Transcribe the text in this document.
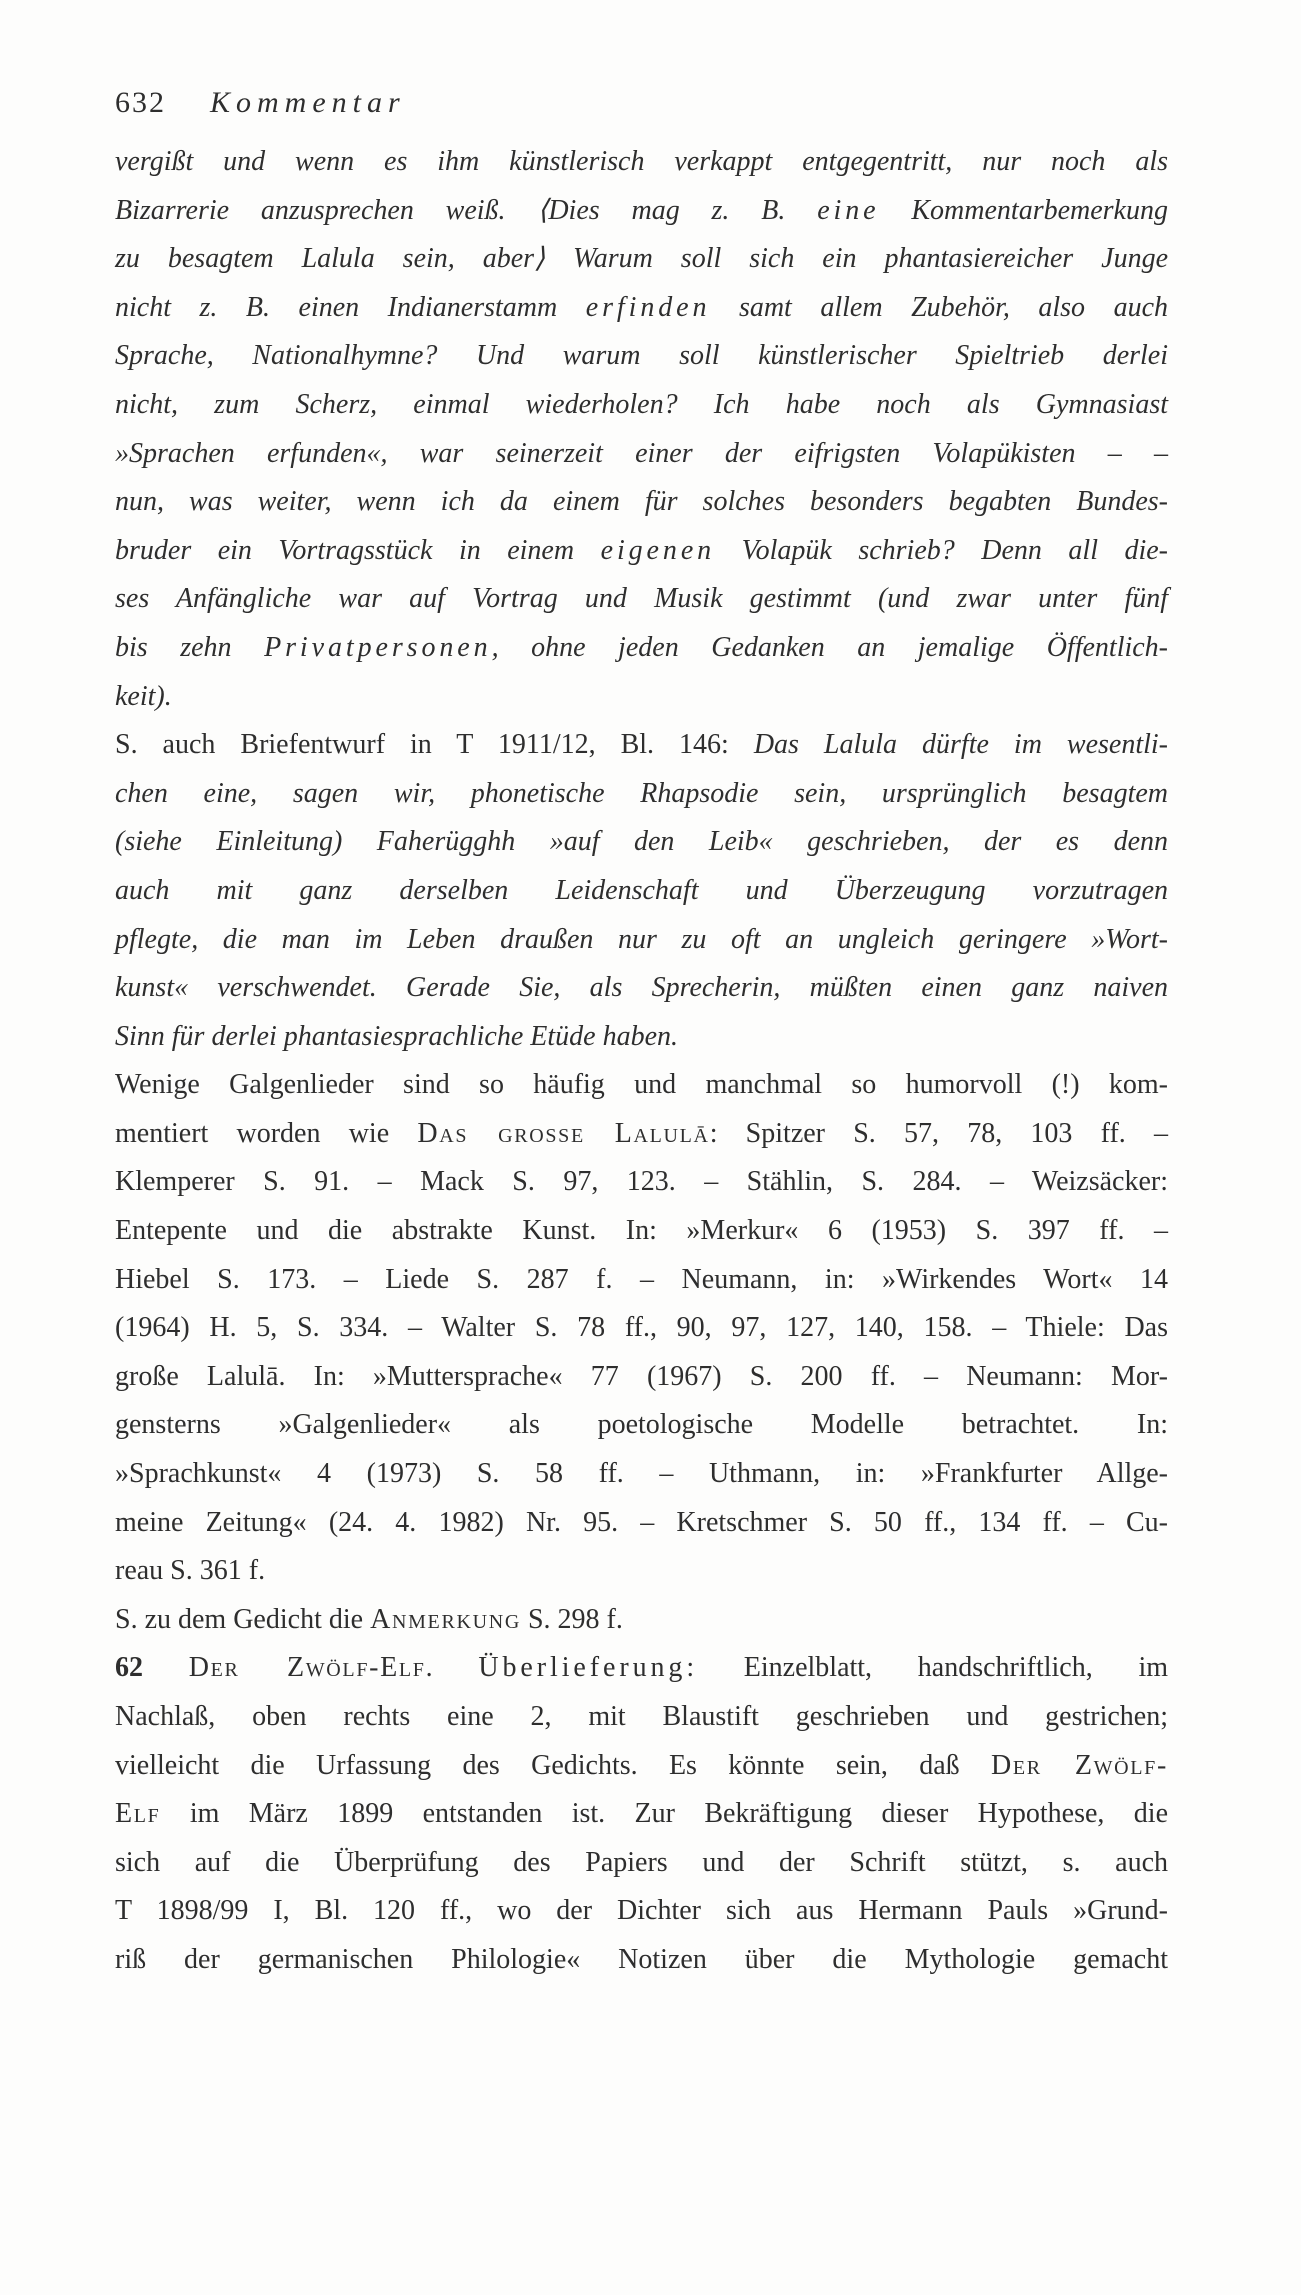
632 Kommentar
vergißt und wenn es ihm künstlerisch verkappt entgegentritt, nur noch als
Bizarrerie anzusprechen weiß. ⟨Dies mag z. B. eine Kommentarbemerkung
zu besagtem Lalula sein, aber⟩ Warum soll sich ein phantasiereicher Junge
nicht z. B. einen Indianerstamm erfinden samt allem Zubehör, also auch
Sprache, Nationalhymne? Und warum soll künstlerischer Spieltrieb derlei
nicht, zum Scherz, einmal wiederholen? Ich habe noch als Gymnasiast
»Sprachen erfunden«, war seinerzeit einer der eifrigsten Volapükisten – –
nun, was weiter, wenn ich da einem für solches besonders begabten Bundes-
bruder ein Vortragsstück in einem eigenen Volapük schrieb? Denn all die-
ses Anfängliche war auf Vortrag und Musik gestimmt (und zwar unter fünf
bis zehn Privatpersonen, ohne jeden Gedanken an jemalige Öffentlich-
keit).
S. auch Briefentwurf in T 1911/12, Bl. 146: Das Lalula dürfte im wesentli-
chen eine, sagen wir, phonetische Rhapsodie sein, ursprünglich besagtem
(siehe Einleitung) Faherügghh »auf den Leib« geschrieben, der es denn
auch mit ganz derselben Leidenschaft und Überzeugung vorzutragen
pflegte, die man im Leben draußen nur zu oft an ungleich geringere »Wort-
kunst« verschwendet. Gerade Sie, als Sprecherin, müßten einen ganz naiven
Sinn für derlei phantasiesprachliche Etüde haben.
Wenige Galgenlieder sind so häufig und manchmal so humorvoll (!) kom-
mentiert worden wie Das grosse Lalulā: Spitzer S. 57, 78, 103 ff. –
Klemperer S. 91. – Mack S. 97, 123. – Stählin, S. 284. – Weizsäcker:
Entepente und die abstrakte Kunst. In: »Merkur« 6 (1953) S. 397 ff. –
Hiebel S. 173. – Liede S. 287 f. – Neumann, in: »Wirkendes Wort« 14
(1964) H. 5, S. 334. – Walter S. 78 ff., 90, 97, 127, 140, 158. – Thiele: Das
große Lalulā. In: »Muttersprache« 77 (1967) S. 200 ff. – Neumann: Mor-
gensterns »Galgenlieder« als poetologische Modelle betrachtet. In:
»Sprachkunst« 4 (1973) S. 58 ff. – Uthmann, in: »Frankfurter Allge-
meine Zeitung« (24. 4. 1982) Nr. 95. – Kretschmer S. 50 ff., 134 ff. – Cu-
reau S. 361 f.
S. zu dem Gedicht die Anmerkung S. 298 f.
62 Der Zwölf-Elf. Überlieferung: Einzelblatt, handschriftlich, im
Nachlaß, oben rechts eine 2, mit Blaustift geschrieben und gestrichen;
vielleicht die Urfassung des Gedichts. Es könnte sein, daß Der Zwölf-
Elf im März 1899 entstanden ist. Zur Bekräftigung dieser Hypothese, die
sich auf die Überprüfung des Papiers und der Schrift stützt, s. auch
T 1898/99 I, Bl. 120 ff., wo der Dichter sich aus Hermann Pauls »Grund-
riß der germanischen Philologie« Notizen über die Mythologie gemacht
